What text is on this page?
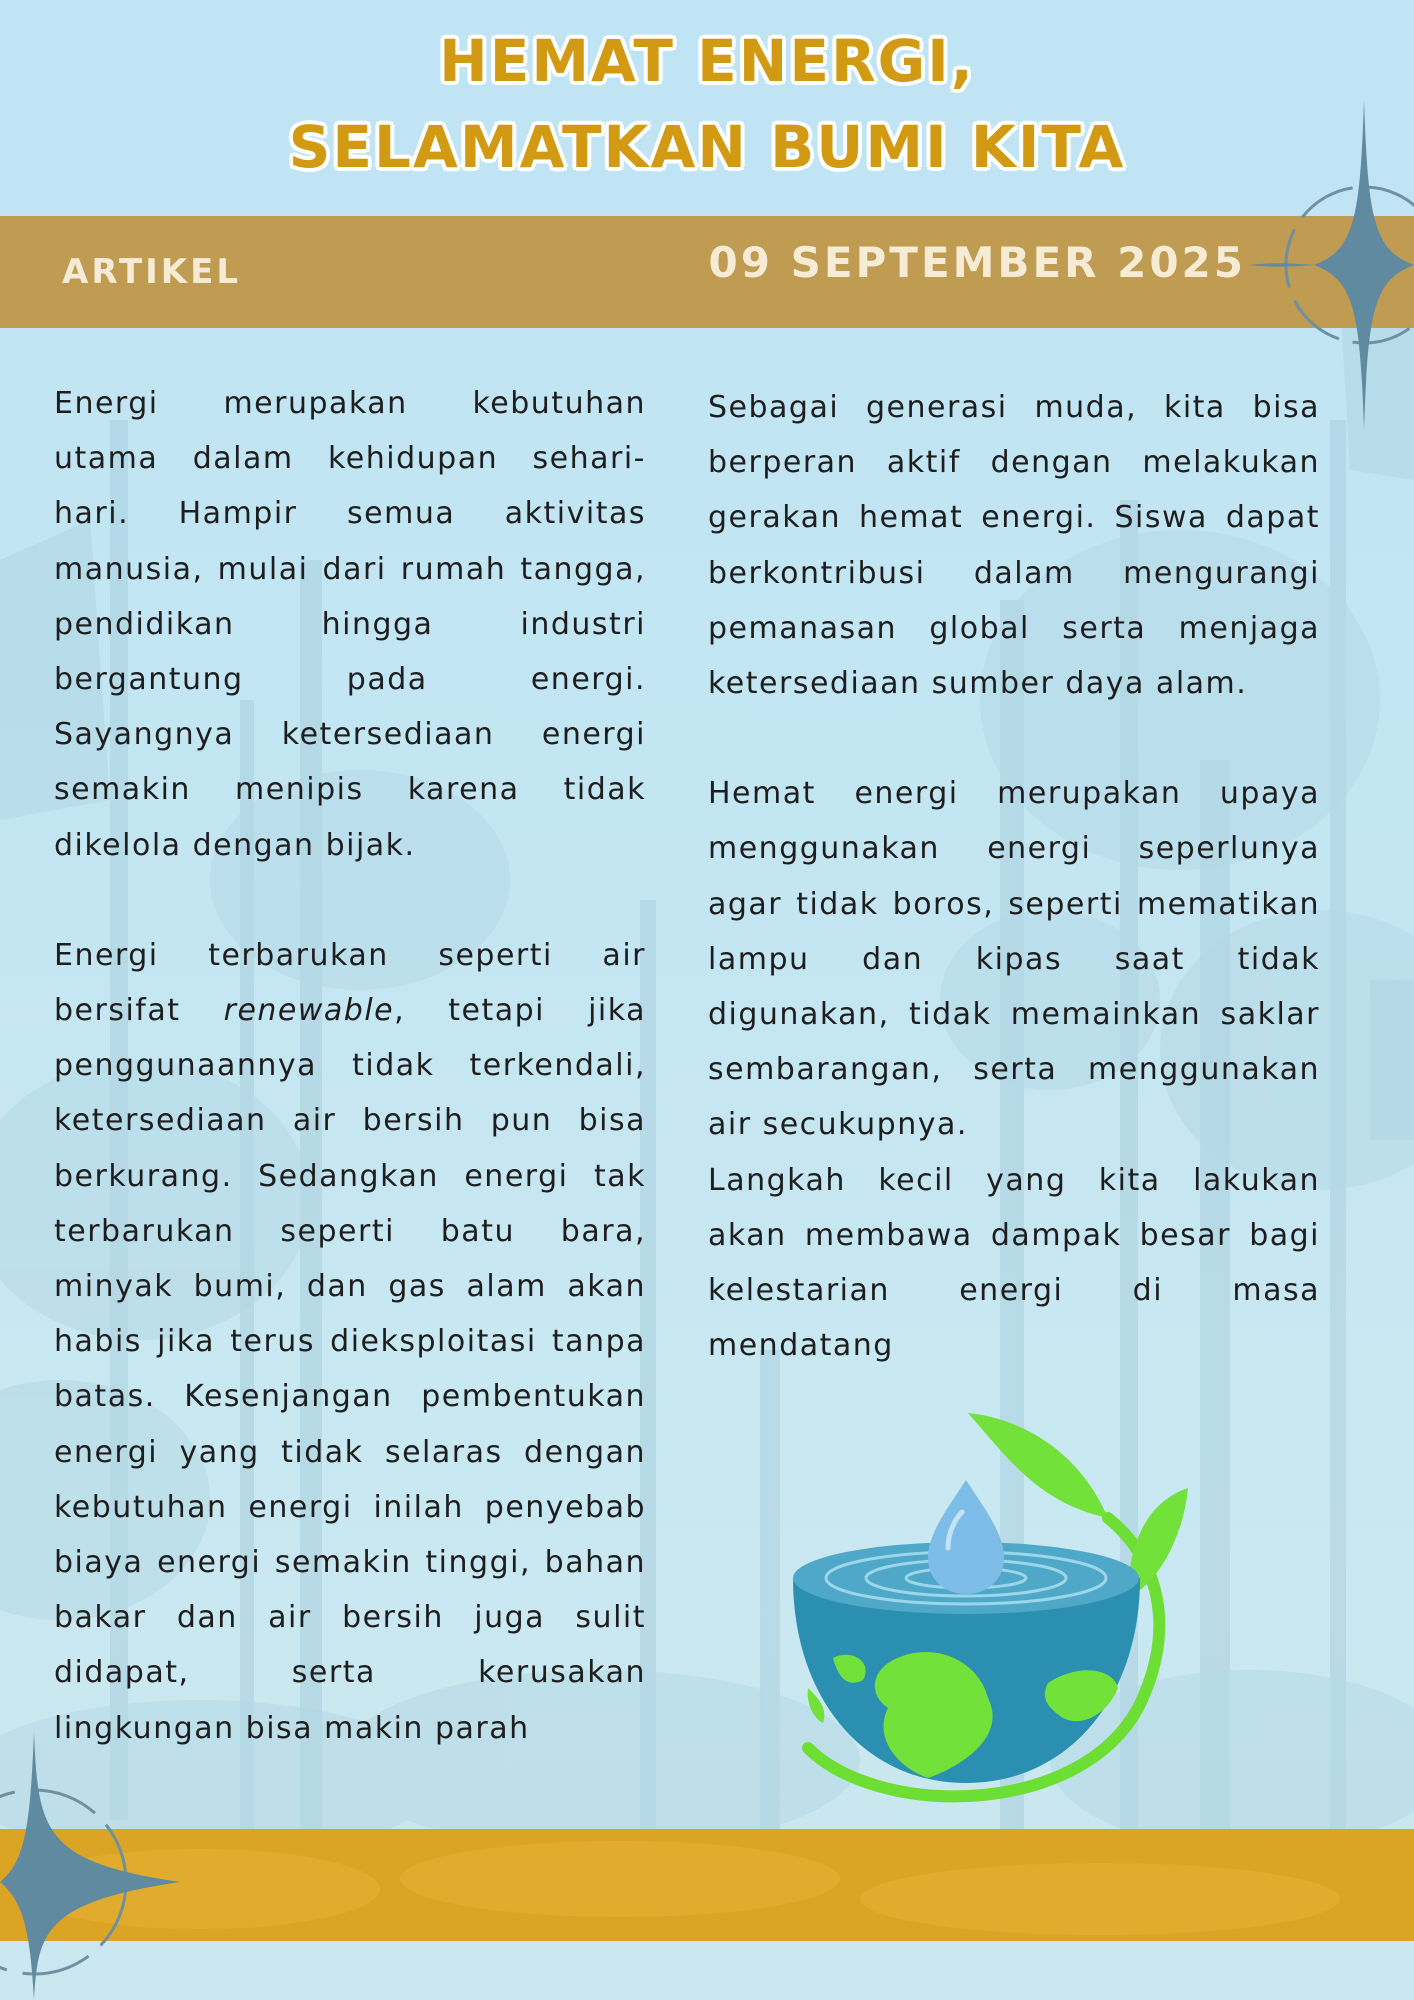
HEMAT ENERGI,
SELAMATKAN BUMI KITA
ARTIKEL	09 SEPTEMBER 2025

Energi merupakan kebutuhan utama dalam kehidupan sehari-hari. Hampir semua aktivitas manusia, mulai dari rumah tangga, pendidikan hingga industri bergantung pada energi. Sayangnya ketersediaan energi semakin menipis karena tidak dikelola dengan bijak.

Energi terbarukan seperti air bersifat renewable, tetapi jika penggunaannya tidak terkendali, ketersediaan air bersih pun bisa berkurang. Sedangkan energi tak terbarukan seperti batu bara, minyak bumi, dan gas alam akan habis jika terus dieksploitasi tanpa batas. Kesenjangan pembentukan energi yang tidak selaras dengan kebutuhan energi inilah penyebab biaya energi semakin tinggi, bahan bakar dan air bersih juga sulit didapat, serta kerusakan lingkungan bisa makin parah

Sebagai generasi muda, kita bisa berperan aktif dengan melakukan gerakan hemat energi. Siswa dapat berkontribusi dalam mengurangi pemanasan global serta menjaga ketersediaan sumber daya alam.

Hemat energi merupakan upaya menggunakan energi seperlunya agar tidak boros, seperti mematikan lampu dan kipas saat tidak digunakan, tidak memainkan saklar sembarangan, serta menggunakan air secukupnya.

Langkah kecil yang kita lakukan akan membawa dampak besar bagi kelestarian energi di masa mendatang
